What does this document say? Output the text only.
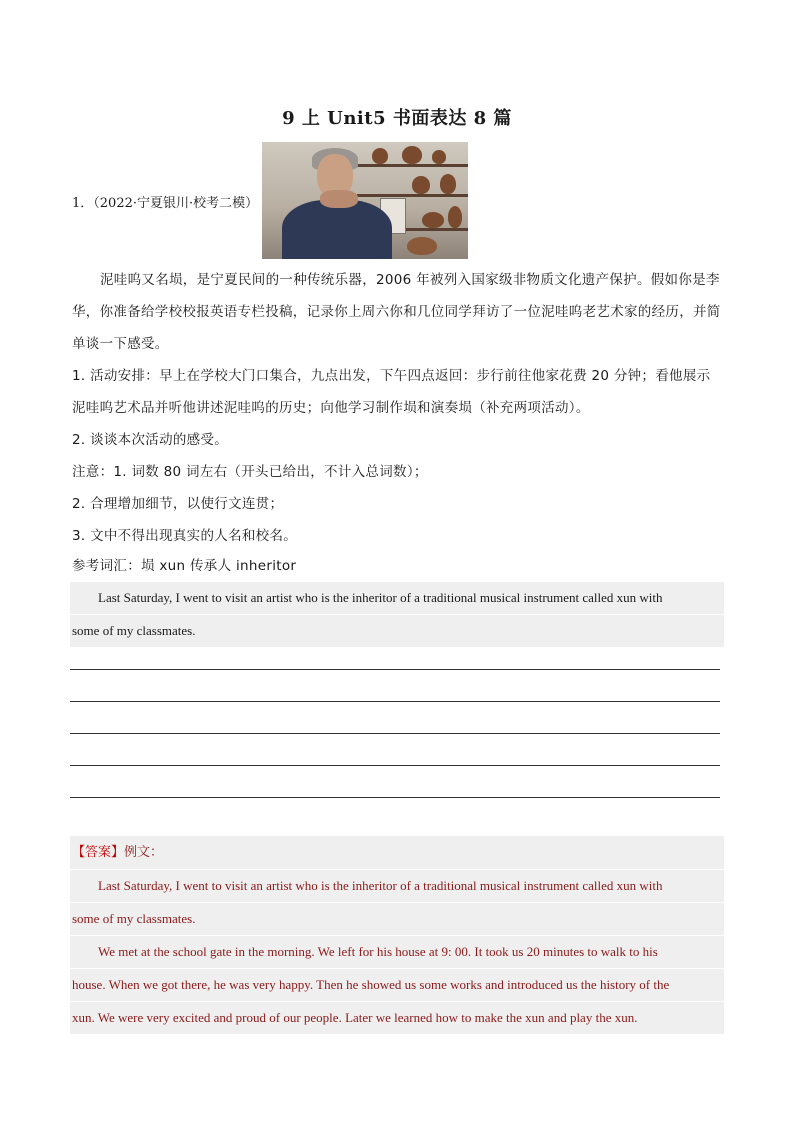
9 上 Unit5 书面表达 8 篇
1．（2022·宁夏银川·校考二模）
泥哇呜又名埙，是宁夏民间的一种传统乐器，2006 年被列入国家级非物质文化遗产保护。假如你是李华，你准备给学校校报英语专栏投稿，记录你上周六你和几位同学拜访了一位泥哇呜老艺术家的经历，并简单谈一下感受。
1. 活动安排：早上在学校大门口集合，九点出发，下午四点返回：步行前往他家花费 20 分钟；看他展示泥哇呜艺术品并听他讲述泥哇呜的历史；向他学习制作埙和演奏埙（补充两项活动）。
2. 谈谈本次活动的感受。
注意：1. 词数 80 词左右（开头已给出，不计入总词数）；
2. 合理增加细节，以使行文连贯；
3. 文中不得出现真实的人名和校名。
参考词汇：埙 xun 传承人 inheritor

Last Saturday, I went to visit an artist who is the inheritor of a traditional musical instrument called xun with

some of my classmates.

【答案】例文：

Last Saturday, I went to visit an artist who is the inheritor of a traditional musical instrument called xun with

some of my classmates.

We met at the school gate in the morning. We left for his house at 9: 00. It took us 20 minutes to walk to his

house. When we got there, he was very happy. Then he showed us some works and introduced us the history of the

xun. We were very excited and proud of our people. Later we learned how to make the xun and play the xun.
